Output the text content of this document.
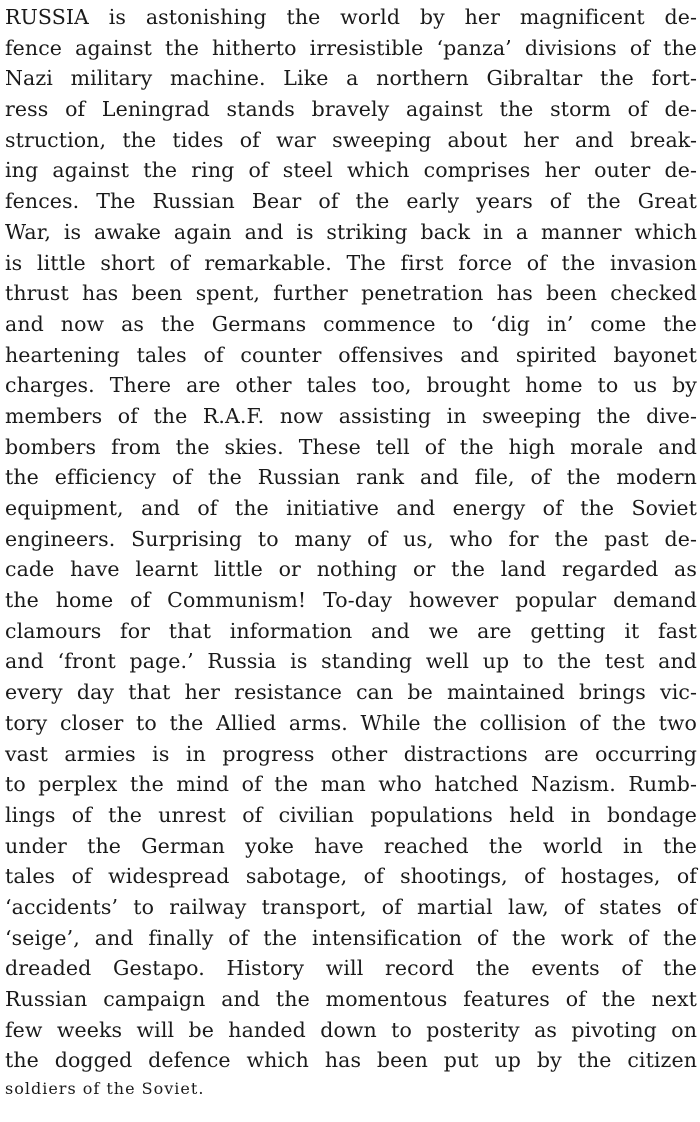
RUSSIA is astonishing the world by her magnificent de-
fence against the hitherto irresistible ‘panza’ divisions of the
Nazi military machine. Like a northern Gibraltar the fort-
ress of Leningrad stands bravely against the storm of de-
struction, the tides of war sweeping about her and break-
ing against the ring of steel which comprises her outer de-
fences. The Russian Bear of the early years of the Great
War, is awake again and is striking back in a manner which
is little short of remarkable. The first force of the invasion
thrust has been spent, further penetration has been checked
and now as the Germans commence to ‘dig in’ come the
heartening tales of counter offensives and spirited bayonet
charges. There are other tales too, brought home to us by
members of the R.A.F. now assisting in sweeping the dive-
bombers from the skies. These tell of the high morale and
the efficiency of the Russian rank and file, of the modern
equipment, and of the initiative and energy of the Soviet
engineers. Surprising to many of us, who for the past de-
cade have learnt little or nothing or the land regarded as
the home of Communism! To-day however popular demand
clamours for that information and we are getting it fast
and ‘front page.’ Russia is standing well up to the test and
every day that her resistance can be maintained brings vic-
tory closer to the Allied arms. While the collision of the two
vast armies is in progress other distractions are occurring
to perplex the mind of the man who hatched Nazism. Rumb-
lings of the unrest of civilian populations held in bondage
under the German yoke have reached the world in the
tales of widespread sabotage, of shootings, of hostages, of
‘accidents’ to railway transport, of martial law, of states of
‘seige’, and finally of the intensification of the work of the
dreaded Gestapo. History will record the events of the
Russian campaign and the momentous features of the next
few weeks will be handed down to posterity as pivoting on
the dogged defence which has been put up by the citizen
soldiers of the Soviet.
